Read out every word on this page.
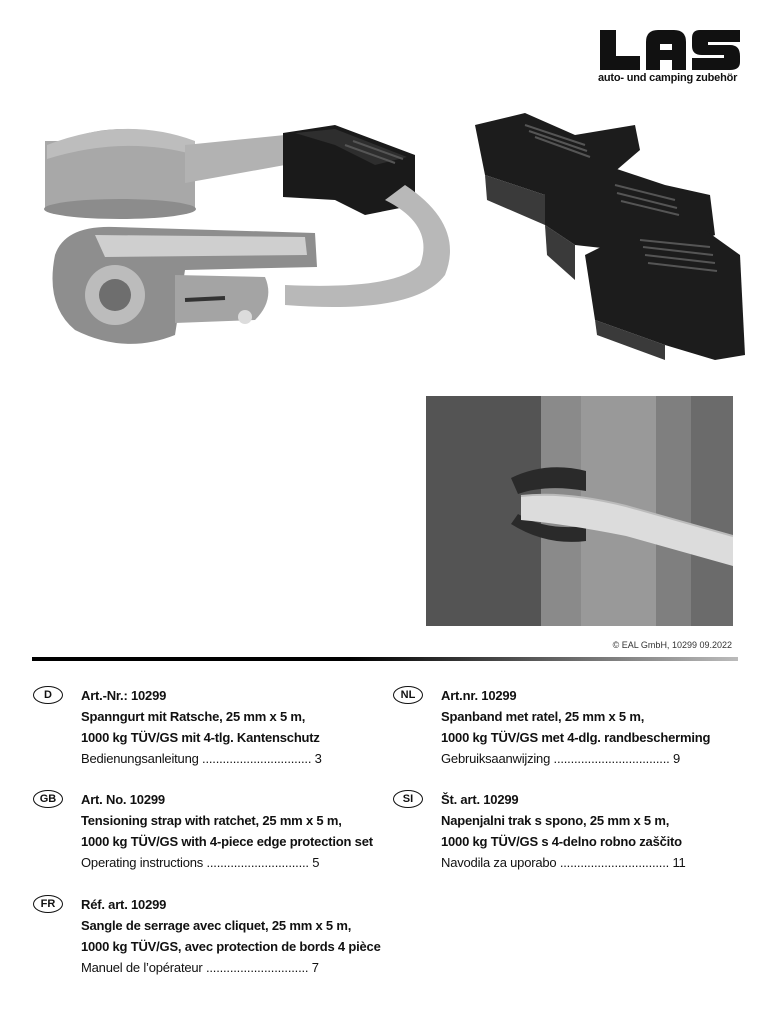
auto- und camping zubehör
© EAL GmbH, 10299 09.2022
D	Art.-Nr.: 10299
Spanngurt mit Ratsche, 25 mm x 5 m,
1000 kg TÜV/GS mit 4-tlg. Kantenschutz
Bedienungsanleitung ................................ 3
GB	Art. No. 10299
Tensioning strap with ratchet, 25 mm x 5 m,
1000 kg TÜV/GS with 4-piece edge protection set
Operating instructions .............................. 5
FR	Réf. art. 10299
Sangle de serrage avec cliquet, 25 mm x 5 m,
1000 kg TÜV/GS, avec protection de bords 4 pièce
Manuel de l’opérateur .............................. 7
NL	Art.nr. 10299
Spanband met ratel, 25 mm x 5 m,
1000 kg TÜV/GS met 4-dlg. randbescherming
Gebruiksaanwijzing .................................. 9
SI	Št. art. 10299
Napenjalni trak s spono, 25 mm x 5 m,
1000 kg TÜV/GS s 4-delno robno zaščito
Navodila za uporabo ................................ 11
